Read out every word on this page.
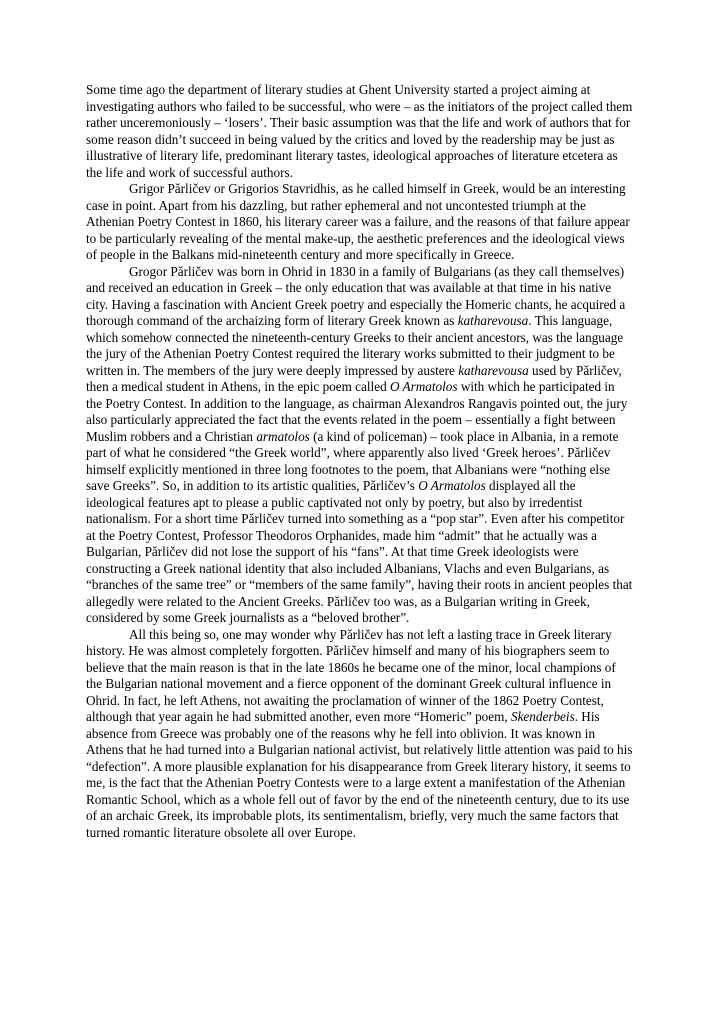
Some time ago the department of literary studies at Ghent University started a project aiming at investigating authors who failed to be successful, who were – as the initiators of the project called them rather unceremoniously – ‘losers’. Their basic assumption was that the life and work of authors that for some reason didn’t succeed in being valued by the critics and loved by the readership may be just as illustrative of literary life, predominant literary tastes, ideological approaches of literature etcetera as the life and work of successful authors.

Grigor Pǎrličev or Grigorios Stavridhis, as he called himself in Greek, would be an interesting case in point. Apart from his dazzling, but rather ephemeral and not uncontested triumph at the Athenian Poetry Contest in 1860, his literary career was a failure, and the reasons of that failure appear to be particularly revealing of the mental make-up, the aesthetic preferences and the ideological views of people in the Balkans mid-nineteenth century and more specifically in Greece.

Grogor Pǎrličev was born in Ohrid in 1830 in a family of Bulgarians (as they call themselves) and received an education in Greek – the only education that was available at that time in his native city. Having a fascination with Ancient Greek poetry and especially the Homeric chants, he acquired a thorough command of the archaizing form of literary Greek known as katharevousa. This language, which somehow connected the nineteenth-century Greeks to their ancient ancestors, was the language the jury of the Athenian Poetry Contest required the literary works submitted to their judgment to be written in. The members of the jury were deeply impressed by austere katharevousa used by Pǎrličev, then a medical student in Athens, in the epic poem called O Armatolos with which he participated in the Poetry Contest. In addition to the language, as chairman Alexandros Rangavis pointed out, the jury also particularly appreciated the fact that the events related in the poem – essentially a fight between Muslim robbers and a Christian armatolos (a kind of policeman) – took place in Albania, in a remote part of what he considered “the Greek world”, where apparently also lived ‘Greek heroes’. Pǎrličev himself explicitly mentioned in three long footnotes to the poem, that Albanians were “nothing else save Greeks”. So, in addition to its artistic qualities, Pǎrličev’s O Armatolos displayed all the ideological features apt to please a public captivated not only by poetry, but also by irredentist nationalism. For a short time Pǎrličev turned into something as a “pop star”. Even after his competitor at the Poetry Contest, Professor Theodoros Orphanides, made him “admit” that he actually was a Bulgarian, Pǎrličev did not lose the support of his “fans”. At that time Greek ideologists were constructing a Greek national identity that also included Albanians, Vlachs and even Bulgarians, as “branches of the same tree” or “members of the same family”, having their roots in ancient peoples that allegedly were related to the Ancient Greeks. Pǎrličev too was, as a Bulgarian writing in Greek, considered by some Greek journalists as a “beloved brother”.

All this being so, one may wonder why Pǎrličev has not left a lasting trace in Greek literary history. He was almost completely forgotten. Pǎrličev himself and many of his biographers seem to believe that the main reason is that in the late 1860s he became one of the minor, local champions of the Bulgarian national movement and a fierce opponent of the dominant Greek cultural influence in Ohrid. In fact, he left Athens, not awaiting the proclamation of winner of the 1862 Poetry Contest, although that year again he had submitted another, even more “Homeric” poem, Skenderbeis. His absence from Greece was probably one of the reasons why he fell into oblivion. It was known in Athens that he had turned into a Bulgarian national activist, but relatively little attention was paid to his “defection”. A more plausible explanation for his disappearance from Greek literary history, it seems to me, is the fact that the Athenian Poetry Contests were to a large extent a manifestation of the Athenian Romantic School, which as a whole fell out of favor by the end of the nineteenth century, due to its use of an archaic Greek, its improbable plots, its sentimentalism, briefly, very much the same factors that turned romantic literature obsolete all over Europe.
